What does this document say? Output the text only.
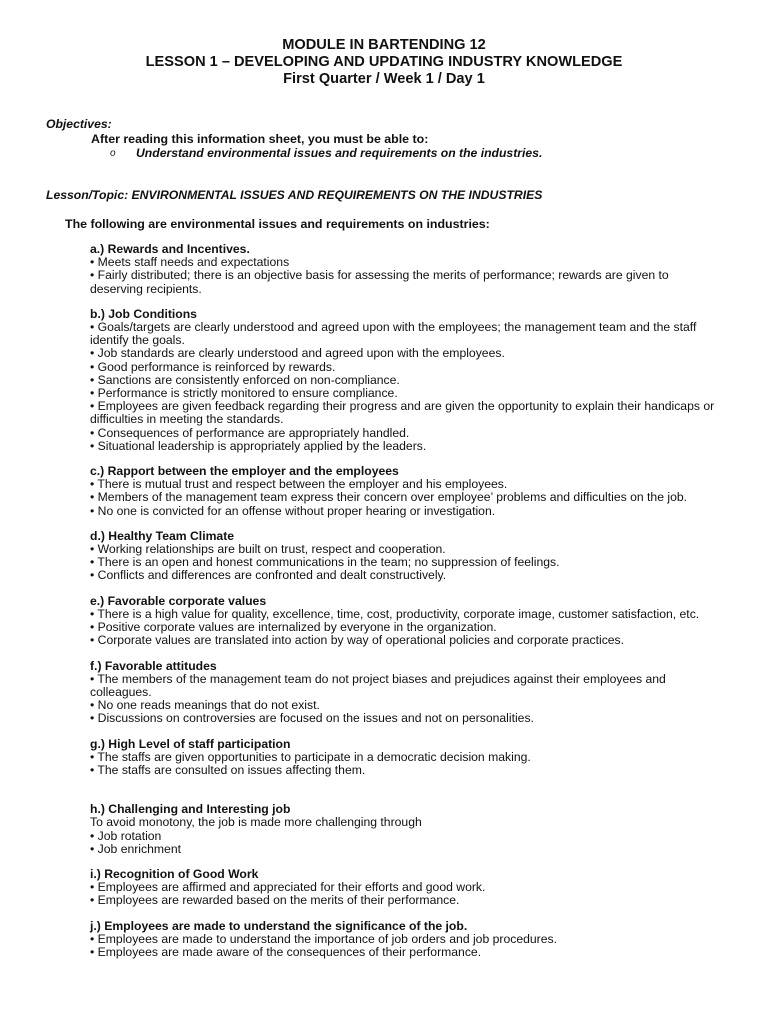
MODULE IN BARTENDING 12
LESSON 1 – DEVELOPING AND UPDATING INDUSTRY KNOWLEDGE
First Quarter / Week 1 / Day 1
Objectives:
After reading this information sheet, you must be able to:
o	Understand environmental issues and requirements on the industries.
Lesson/Topic: ENVIRONMENTAL ISSUES AND REQUIREMENTS ON THE INDUSTRIES
The following are environmental issues and requirements on industries:
a.) Rewards and Incentives.
• Meets staff needs and expectations
• Fairly distributed; there is an objective basis for assessing the merits of performance; rewards are given to deserving recipients.
b.) Job Conditions
• Goals/targets are clearly understood and agreed upon with the employees; the management team and the staff identify the goals.
• Job standards are clearly understood and agreed upon with the employees.
• Good performance is reinforced by rewards.
• Sanctions are consistently enforced on non-compliance.
• Performance is strictly monitored to ensure compliance.
• Employees are given feedback regarding their progress and are given the opportunity to explain their handicaps or difficulties in meeting the standards.
• Consequences of performance are appropriately handled.
• Situational leadership is appropriately applied by the leaders.
c.) Rapport between the employer and the employees
• There is mutual trust and respect between the employer and his employees.
• Members of the management team express their concern over employee’ problems and difficulties on the job.
• No one is convicted for an offense without proper hearing or investigation.
d.) Healthy Team Climate
• Working relationships are built on trust, respect and cooperation.
• There is an open and honest communications in the team; no suppression of feelings.
• Conflicts and differences are confronted and dealt constructively.
e.) Favorable corporate values
• There is a high value for quality, excellence, time, cost, productivity, corporate image, customer satisfaction, etc.
• Positive corporate values are internalized by everyone in the organization.
• Corporate values are translated into action by way of operational policies and corporate practices.
f.) Favorable attitudes
• The members of the management team do not project biases and prejudices against their employees and colleagues.
• No one reads meanings that do not exist.
• Discussions on controversies are focused on the issues and not on personalities.
g.) High Level of staff participation
• The staffs are given opportunities to participate in a democratic decision making.
• The staffs are consulted on issues affecting them.
h.) Challenging and Interesting job
To avoid monotony, the job is made more challenging through
• Job rotation
• Job enrichment
i.) Recognition of Good Work
• Employees are affirmed and appreciated for their efforts and good work.
• Employees are rewarded based on the merits of their performance.
j.) Employees are made to understand the significance of the job.
• Employees are made to understand the importance of job orders and job procedures.
• Employees are made aware of the consequences of their performance.
